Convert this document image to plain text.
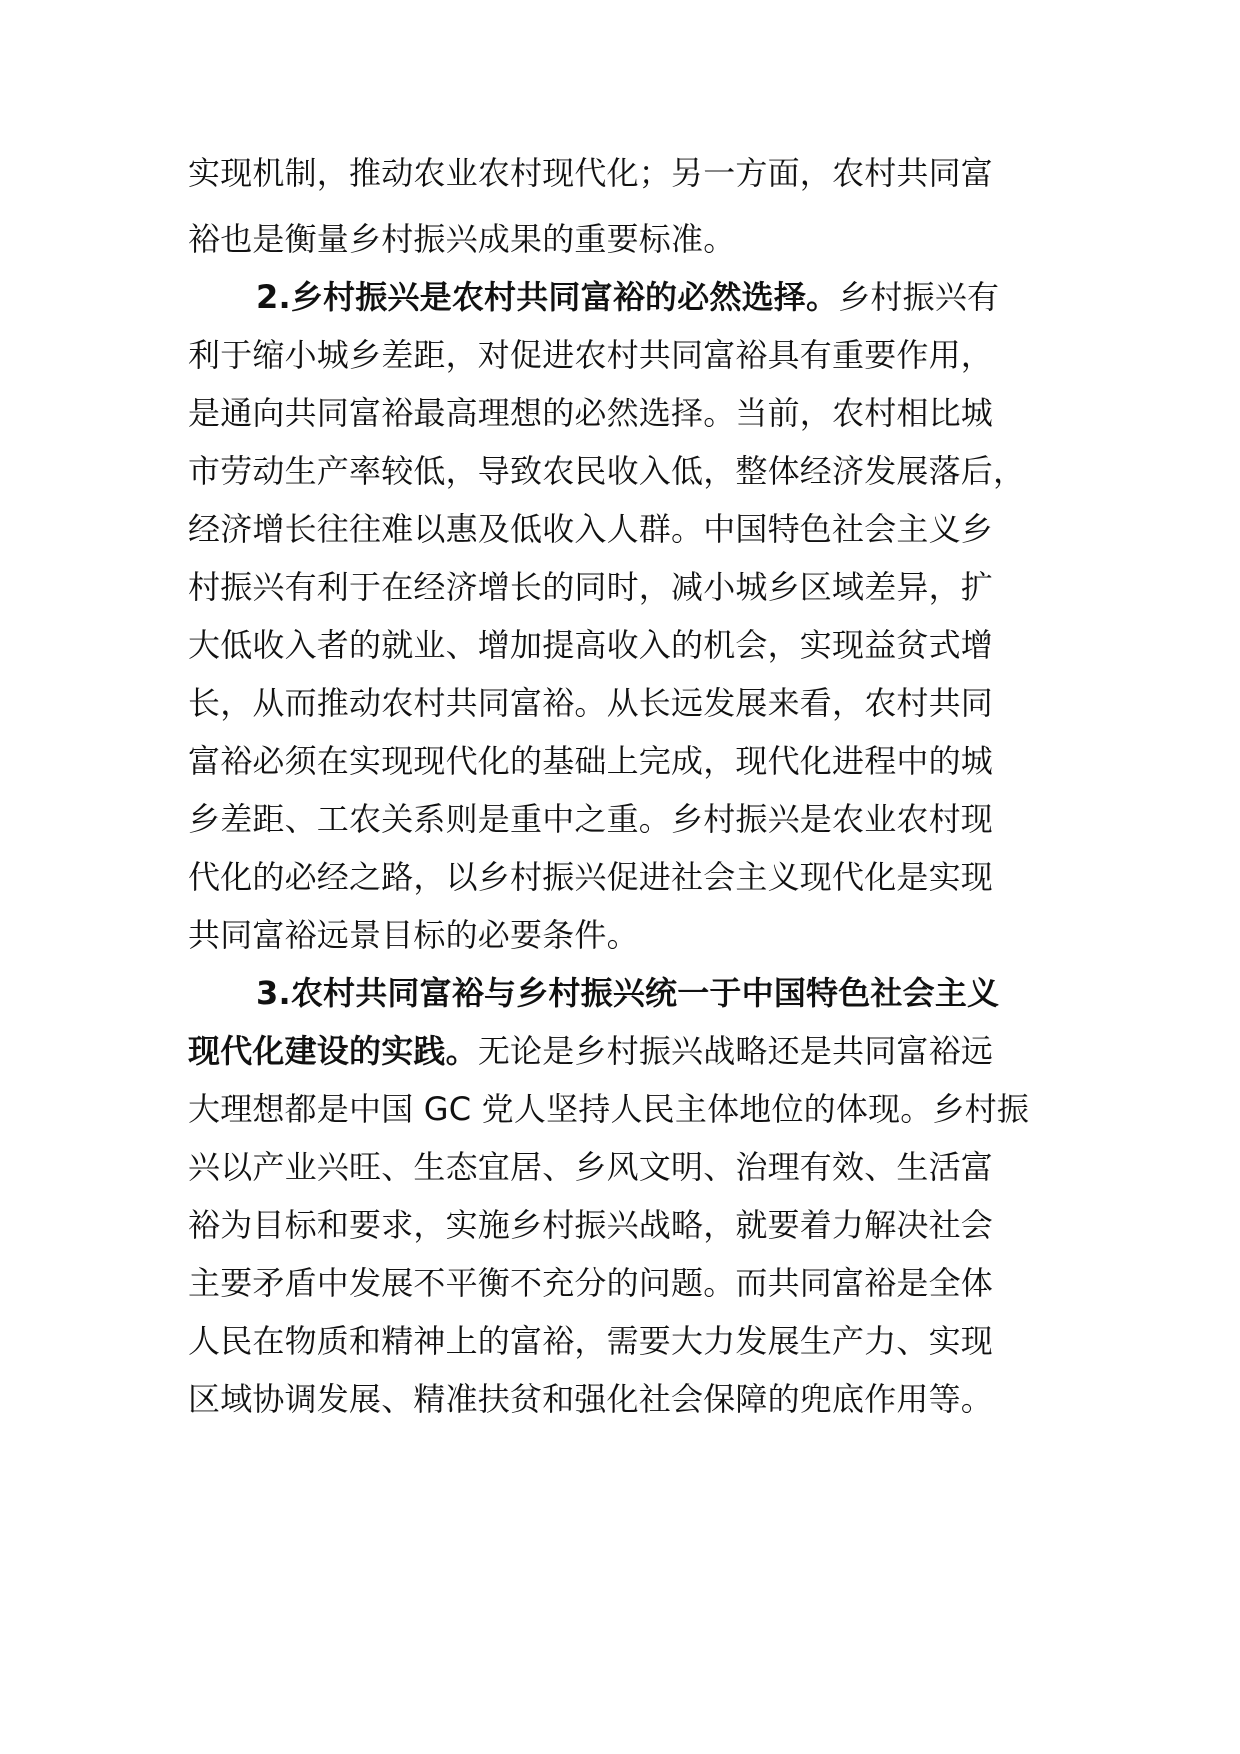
实现机制，推动农业农村现代化；另一方面，农村共同富
裕也是衡量乡村振兴成果的重要标准。
2.乡村振兴是农村共同富裕的必然选择。乡村振兴有
利于缩小城乡差距，对促进农村共同富裕具有重要作用，
是通向共同富裕最高理想的必然选择。当前，农村相比城
市劳动生产率较低，导致农民收入低，整体经济发展落后，
经济增长往往难以惠及低收入人群。中国特色社会主义乡
村振兴有利于在经济增长的同时，减小城乡区域差异，扩
大低收入者的就业、增加提高收入的机会，实现益贫式增
长，从而推动农村共同富裕。从长远发展来看，农村共同
富裕必须在实现现代化的基础上完成，现代化进程中的城
乡差距、工农关系则是重中之重。乡村振兴是农业农村现
代化的必经之路，以乡村振兴促进社会主义现代化是实现
共同富裕远景目标的必要条件。
3.农村共同富裕与乡村振兴统一于中国特色社会主义
现代化建设的实践。无论是乡村振兴战略还是共同富裕远
大理想都是中国 GC 党人坚持人民主体地位的体现。乡村振
兴以产业兴旺、生态宜居、乡风文明、治理有效、生活富
裕为目标和要求，实施乡村振兴战略，就要着力解决社会
主要矛盾中发展不平衡不充分的问题。而共同富裕是全体
人民在物质和精神上的富裕，需要大力发展生产力、实现
区域协调发展、精准扶贫和强化社会保障的兜底作用等。
